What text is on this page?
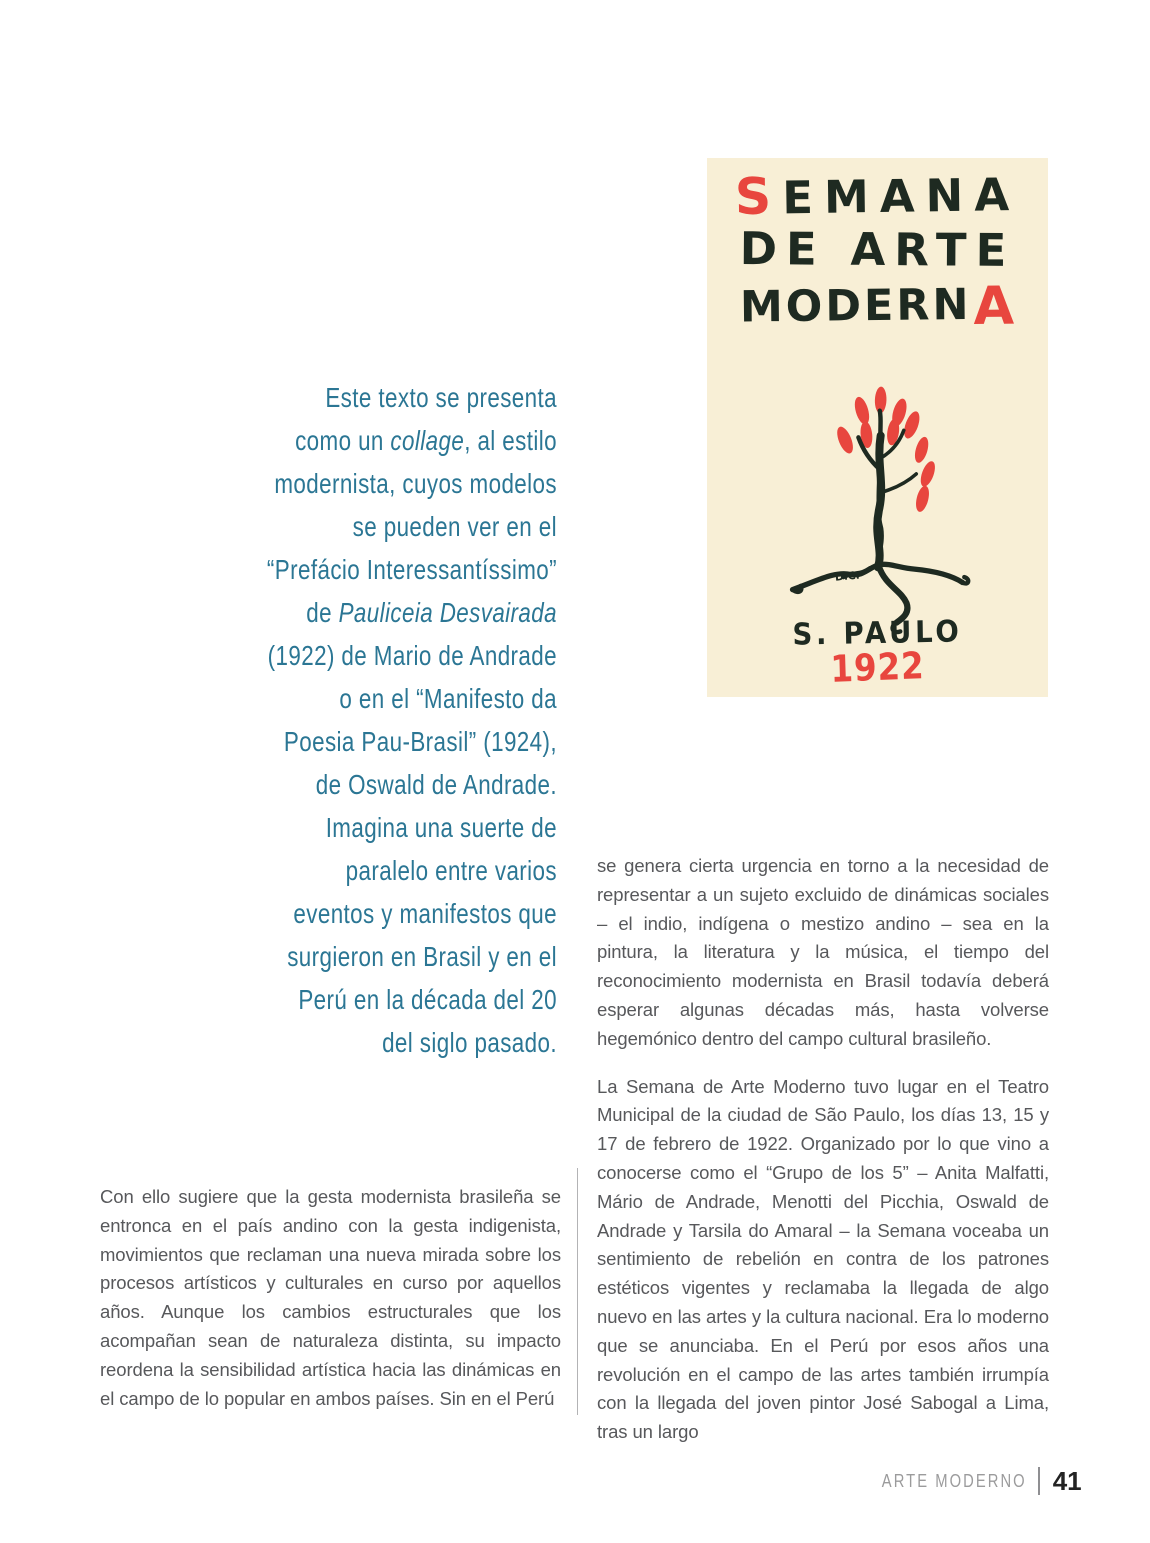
Este texto se presenta
como un collage, al estilo
modernista, cuyos modelos
se pueden ver en el
“Prefácio Interessantíssimo”
de Pauliceia Desvairada
(1922) de Mario de Andrade
o en el “Manifesto da
Poesia Pau-Brasil” (1924),
de Oswald de Andrade.
Imagina una suerte de
paralelo entre varios
eventos y manifestos que
surgieron en Brasil y en el
Perú en la década del 20
del siglo pasado.
SEMANA
DE ARTE
MODERNA
D.C.
S. PAULO
1922

Con ello sugiere que la gesta modernista brasileña se entronca en el país andino con la gesta indigenista, movimientos que reclaman una nueva mirada sobre los procesos artísticos y culturales en curso por aquellos años. Aunque los cambios estructurales que los acompañan sean de naturaleza distinta, su impacto reordena la sensibilidad artística hacia las dinámicas en el campo de lo popular en ambos países. Sin en el Perú

se genera cierta urgencia en torno a la necesidad de representar a un sujeto excluido de dinámicas sociales – el indio, indígena o mestizo andino – sea en la pintura, la literatura y la música, el tiempo del reconocimiento modernista en Brasil todavía deberá esperar algunas décadas más, hasta volverse hegemónico dentro del campo cultural brasileño.

La Semana de Arte Moderno tuvo lugar en el Teatro Municipal de la ciudad de São Paulo, los días 13, 15 y 17 de febrero de 1922. Organizado por lo que vino a conocerse como el “Grupo de los 5” – Anita Malfatti, Mário de Andrade, Menotti del Picchia, Oswald de Andrade y Tarsila do Amaral – la Semana voceaba un sentimiento de rebelión en contra de los patrones estéticos vigentes y reclamaba la llegada de algo nuevo en las artes y la cultura nacional. Era lo moderno que se anunciaba. En el Perú por esos años una revolución en el campo de las artes también irrumpía con la llegada del joven pintor José Sabogal a Lima, tras un largo

ARTE MODERNO 41
